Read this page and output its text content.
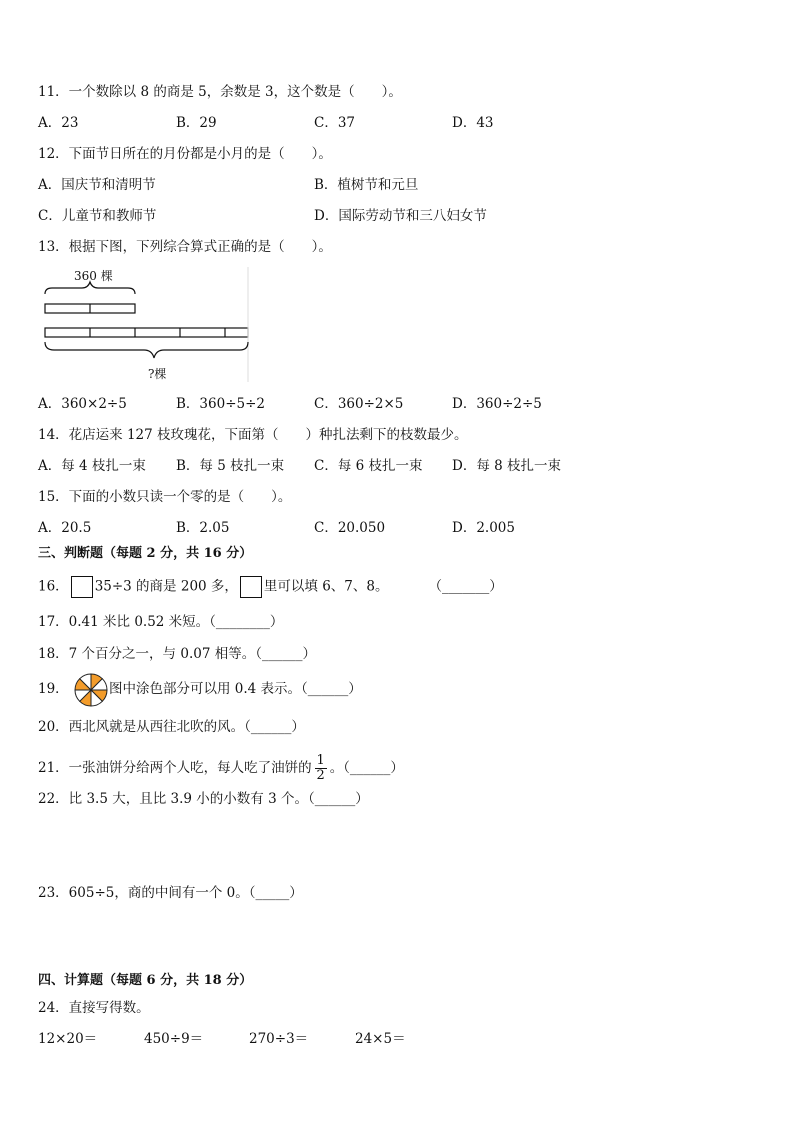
11．一个数除以 8 的商是 5，余数是 3，这个数是（　　）。
A．23	B．29	C．37	D．43
12．下面节日所在的月份都是小月的是（　　）。
A．国庆节和清明节	B．植树节和元旦
C．儿童节和教师节	D．国际劳动节和三八妇女节
13．根据下图，下列综合算式正确的是（　　）。
360 棵
?棵
A．360×2÷5	B．360÷5÷2	C．360÷2×5	D．360÷2÷5
14．花店运来 127 枝玫瑰花，下面第（　　）种扎法剩下的枝数最少。
A．每 4 枝扎一束 B．每 5 枝扎一束 C．每 6 枝扎一束 D．每 8 枝扎一束
15．下面的小数只读一个零的是（　　）。
A．20.5	B．2.05	C．20.050	D．2.005
三、判断题（每题 2 分，共 16 分）
16． 35÷3 的商是 200 多， 里可以填 6、7、8。	（_______）
17．0.41 米比 0.52 米短。（________）
18．7 个百分之一，与 0.07 相等。（______）
19．	图中涂色部分可以用 0.4 表示。（______）
20．西北风就是从西往北吹的风。（______）
21．一张油饼分给两个人吃，每人吃了油饼的 $\frac{1}{2}$ 。（______）
22．比 3.5 大，且比 3.9 小的小数有 3 个。（______）
23．605÷5，商的中间有一个 0。（_____）
四、计算题（每题 6 分，共 18 分）
24．直接写得数。
12×20＝	450÷9＝	270÷3＝	24×5＝
